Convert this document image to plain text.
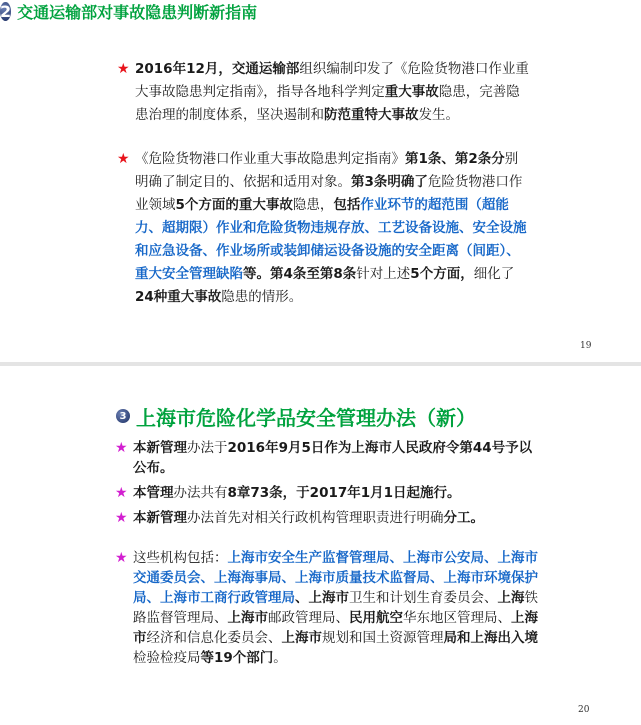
2 交通运输部对事故隐患判断新指南

★ 2016年12月，交通运输部组织编制印发了《危险货物港口作业重大事故隐患判定指南》，指导各地科学判定重大事故隐患，完善隐患治理的制度体系，坚决遏制和防范重特大事故发生。

★ 《危险货物港口作业重大事故隐患判定指南》第1条、第2条分别明确了制定目的、依据和适用对象。第3条明确了危险货物港口作业领域5个方面的重大事故隐患，包括作业环节的超范围（超能力、超期限）作业和危险货物违规存放、工艺设备设施、安全设施和应急设备、作业场所或装卸储运设备设施的安全距离（间距）、重大安全管理缺陷等。第4条至第8条针对上述5个方面，细化了24种重大事故隐患的情形。

19
3 上海市危险化学品安全管理办法（新）

★ 本新管理办法于2016年9月5日作为上海市人民政府令第44号予以公布。

★ 本管理办法共有8章73条，于2017年1月1日起施行。

★ 本新管理办法首先对相关行政机构管理职责进行明确分工。

★ 这些机构包括：上海市安全生产监督管理局、上海市公安局、上海市交通委员会、上海海事局、上海市质量技术监督局、上海市环境保护局、上海市工商行政管理局、上海市卫生和计划生育委员会、上海铁路监督管理局、上海市邮政管理局、民用航空华东地区管理局、上海市经济和信息化委员会、上海市规划和国土资源管理局和上海出入境检验检疫局等19个部门。

20
